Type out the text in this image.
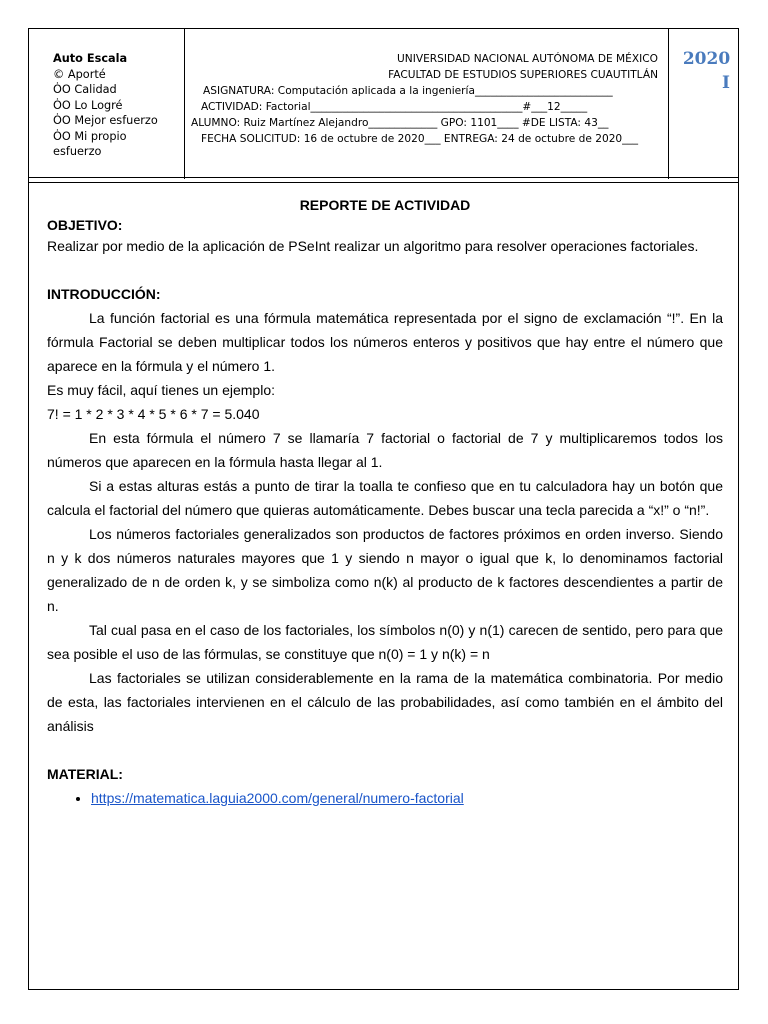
Auto Escala
© Aporté
ȮO Calidad
ȮO Lo Logré
ȮO Mejor esfuerzo
ȮO Mi propio
esfuerzo
UNIVERSIDAD NACIONAL AUTÓNOMA DE MÉXICO
FACULTAD DE ESTUDIOS SUPERIORES CUAUTITLÁN
ASIGNATURA: Computación aplicada a la ingeniería__________________________
ACTIVIDAD: Factorial________________________________________#___12_____
ALUMNO: Ruiz Martínez Alejandro_____________ GPO: 1101____ #DE LISTA: 43__
FECHA SOLICITUD: 16 de octubre de 2020___ ENTREGA: 24 de octubre de 2020___
2020
I
REPORTE DE ACTIVIDAD
OBJETIVO:
Realizar por medio de la aplicación de PSeInt realizar un algoritmo para resolver operaciones factoriales.
INTRODUCCIÓN:
La función factorial es una fórmula matemática representada por el signo de exclamación “!”. En la fórmula Factorial se deben multiplicar todos los números enteros y positivos que hay entre el número que aparece en la fórmula y el número 1.
Es muy fácil, aquí tienes un ejemplo:
7! = 1 * 2 * 3 * 4 * 5 * 6 * 7 = 5.040
En esta fórmula el número 7 se llamaría 7 factorial o factorial de 7 y multiplicaremos todos los números que aparecen en la fórmula hasta llegar al 1.
Si a estas alturas estás a punto de tirar la toalla te confieso que en tu calculadora hay un botón que calcula el factorial del número que quieras automáticamente. Debes buscar una tecla parecida a “x!” o “n!”.
Los números factoriales generalizados son productos de factores próximos en orden inverso. Siendo n y k dos números naturales mayores que 1 y siendo n mayor o igual que k, lo denominamos factorial generalizado de n de orden k, y se simboliza como n(k) al producto de k factores descendientes a partir de n.
Tal cual pasa en el caso de los factoriales, los símbolos n(0) y n(1) carecen de sentido, pero para que sea posible el uso de las fórmulas, se constituye que n(0) = 1 y n(k) = n
Las factoriales se utilizan considerablemente en la rama de la matemática combinatoria. Por medio de esta, las factoriales intervienen en el cálculo de las probabilidades, así como también en el ámbito del análisis
MATERIAL:
• https://matematica.laguia2000.com/general/numero-factorial
